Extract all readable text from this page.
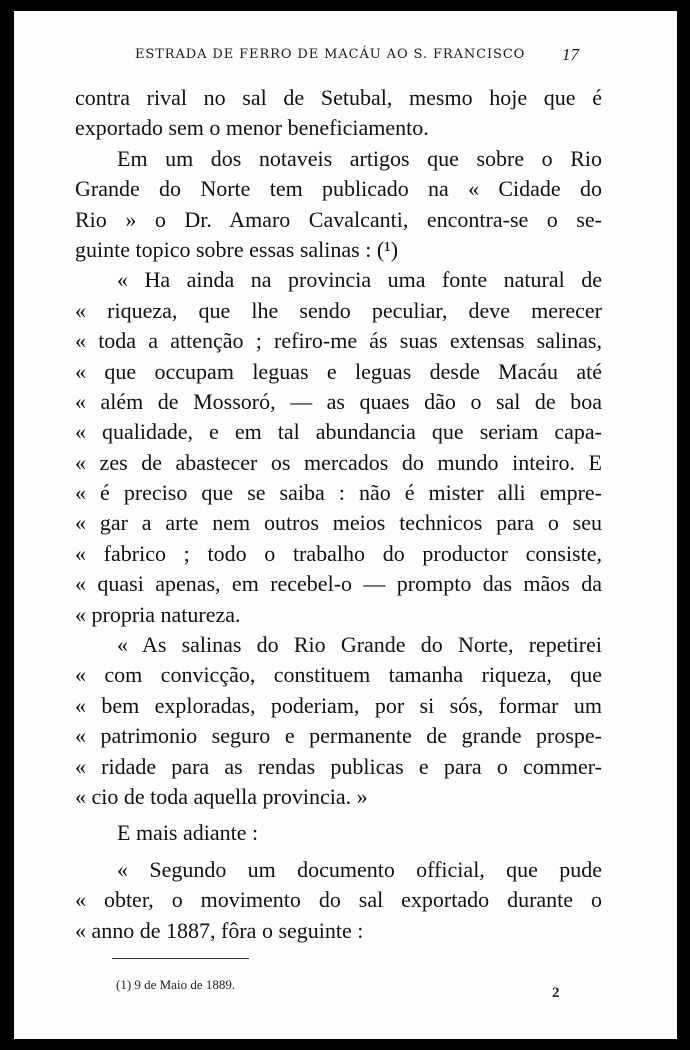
ESTRADA DE FERRO DE MACÁU AO S. FRANCISCO 17
contra rival no sal de Setubal, mesmo hoje que é
exportado sem o menor beneficiamento.
Em um dos notaveis artigos que sobre o Rio
Grande do Norte tem publicado na « Cidade do
Rio » o Dr. Amaro Cavalcanti, encontra-se o se-
guinte topico sobre essas salinas : (¹)
« Ha ainda na provincia uma fonte natural de
« riqueza, que lhe sendo peculiar, deve merecer
« toda a attenção ; refiro-me ás suas extensas salinas,
« que occupam leguas e leguas desde Macáu até
« além de Mossoró, — as quaes dão o sal de boa
« qualidade, e em tal abundancia que seriam capa-
« zes de abastecer os mercados do mundo inteiro. E
« é preciso que se saiba : não é mister alli empre-
« gar a arte nem outros meios technicos para o seu
« fabrico ; todo o trabalho do productor consiste,
« quasi apenas, em recebel-o — prompto das mãos da
« propria natureza.
« As salinas do Rio Grande do Norte, repetirei
« com convicção, constituem tamanha riqueza, que
« bem exploradas, poderiam, por si sós, formar um
« patrimonio seguro e permanente de grande prospe-
« ridade para as rendas publicas e para o commer-
« cio de toda aquella provincia. »
E mais adiante :
« Segundo um documento official, que pude
« obter, o movimento do sal exportado durante o
« anno de 1887, fôra o seguinte :
(1) 9 de Maio de 1889.
2
